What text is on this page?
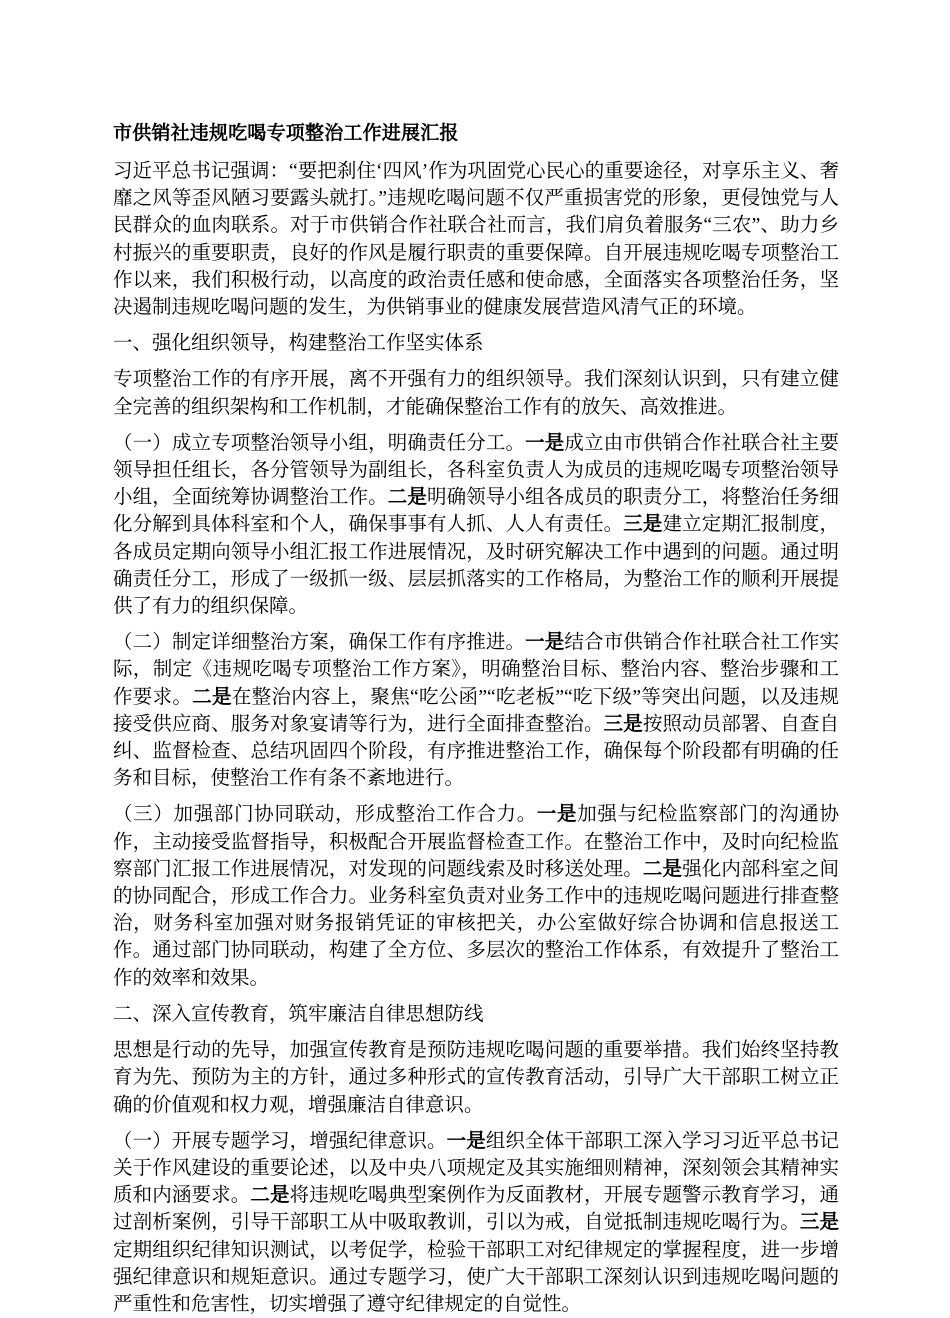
市供销社违规吃喝专项整治工作进展汇报

习近平总书记强调：“要把刹住‘四风’作为巩固党心民心的重要途径，对享乐主义、奢靡之风等歪风陋习要露头就打。”违规吃喝问题不仅严重损害党的形象，更侵蚀党与人民群众的血肉联系。对于市供销合作社联合社而言，我们肩负着服务“三农”、助力乡村振兴的重要职责，良好的作风是履行职责的重要保障。自开展违规吃喝专项整治工作以来，我们积极行动，以高度的政治责任感和使命感，全面落实各项整治任务，坚决遏制违规吃喝问题的发生，为供销事业的健康发展营造风清气正的环境。

一、强化组织领导，构建整治工作坚实体系

专项整治工作的有序开展，离不开强有力的组织领导。我们深刻认识到，只有建立健全完善的组织架构和工作机制，才能确保整治工作有的放矢、高效推进。

（一）成立专项整治领导小组，明确责任分工。一是成立由市供销合作社联合社主要领导担任组长，各分管领导为副组长，各科室负责人为成员的违规吃喝专项整治领导小组，全面统筹协调整治工作。二是明确领导小组各成员的职责分工，将整治任务细化分解到具体科室和个人，确保事事有人抓、人人有责任。三是建立定期汇报制度，各成员定期向领导小组汇报工作进展情况，及时研究解决工作中遇到的问题。通过明确责任分工，形成了一级抓一级、层层抓落实的工作格局，为整治工作的顺利开展提供了有力的组织保障。

（二）制定详细整治方案，确保工作有序推进。一是结合市供销合作社联合社工作实际，制定《违规吃喝专项整治工作方案》，明确整治目标、整治内容、整治步骤和工作要求。二是在整治内容上，聚焦“吃公函”“吃老板”“吃下级”等突出问题，以及违规接受供应商、服务对象宴请等行为，进行全面排查整治。三是按照动员部署、自查自纠、监督检查、总结巩固四个阶段，有序推进整治工作，确保每个阶段都有明确的任务和目标，使整治工作有条不紊地进行。

（三）加强部门协同联动，形成整治工作合力。一是加强与纪检监察部门的沟通协作，主动接受监督指导，积极配合开展监督检查工作。在整治工作中，及时向纪检监察部门汇报工作进展情况，对发现的问题线索及时移送处理。二是强化内部科室之间的协同配合，形成工作合力。业务科室负责对业务工作中的违规吃喝问题进行排查整治，财务科室加强对财务报销凭证的审核把关，办公室做好综合协调和信息报送工作。通过部门协同联动，构建了全方位、多层次的整治工作体系，有效提升了整治工作的效率和效果。

二、深入宣传教育，筑牢廉洁自律思想防线

思想是行动的先导，加强宣传教育是预防违规吃喝问题的重要举措。我们始终坚持教育为先、预防为主的方针，通过多种形式的宣传教育活动，引导广大干部职工树立正确的价值观和权力观，增强廉洁自律意识。

（一）开展专题学习，增强纪律意识。一是组织全体干部职工深入学习习近平总书记关于作风建设的重要论述，以及中央八项规定及其实施细则精神，深刻领会其精神实质和内涵要求。二是将违规吃喝典型案例作为反面教材，开展专题警示教育学习，通过剖析案例，引导干部职工从中吸取教训，引以为戒，自觉抵制违规吃喝行为。三是定期组织纪律知识测试，以考促学，检验干部职工对纪律规定的掌握程度，进一步增强纪律意识和规矩意识。通过专题学习，使广大干部职工深刻认识到违规吃喝问题的严重性和危害性，切实增强了遵守纪律规定的自觉性。
